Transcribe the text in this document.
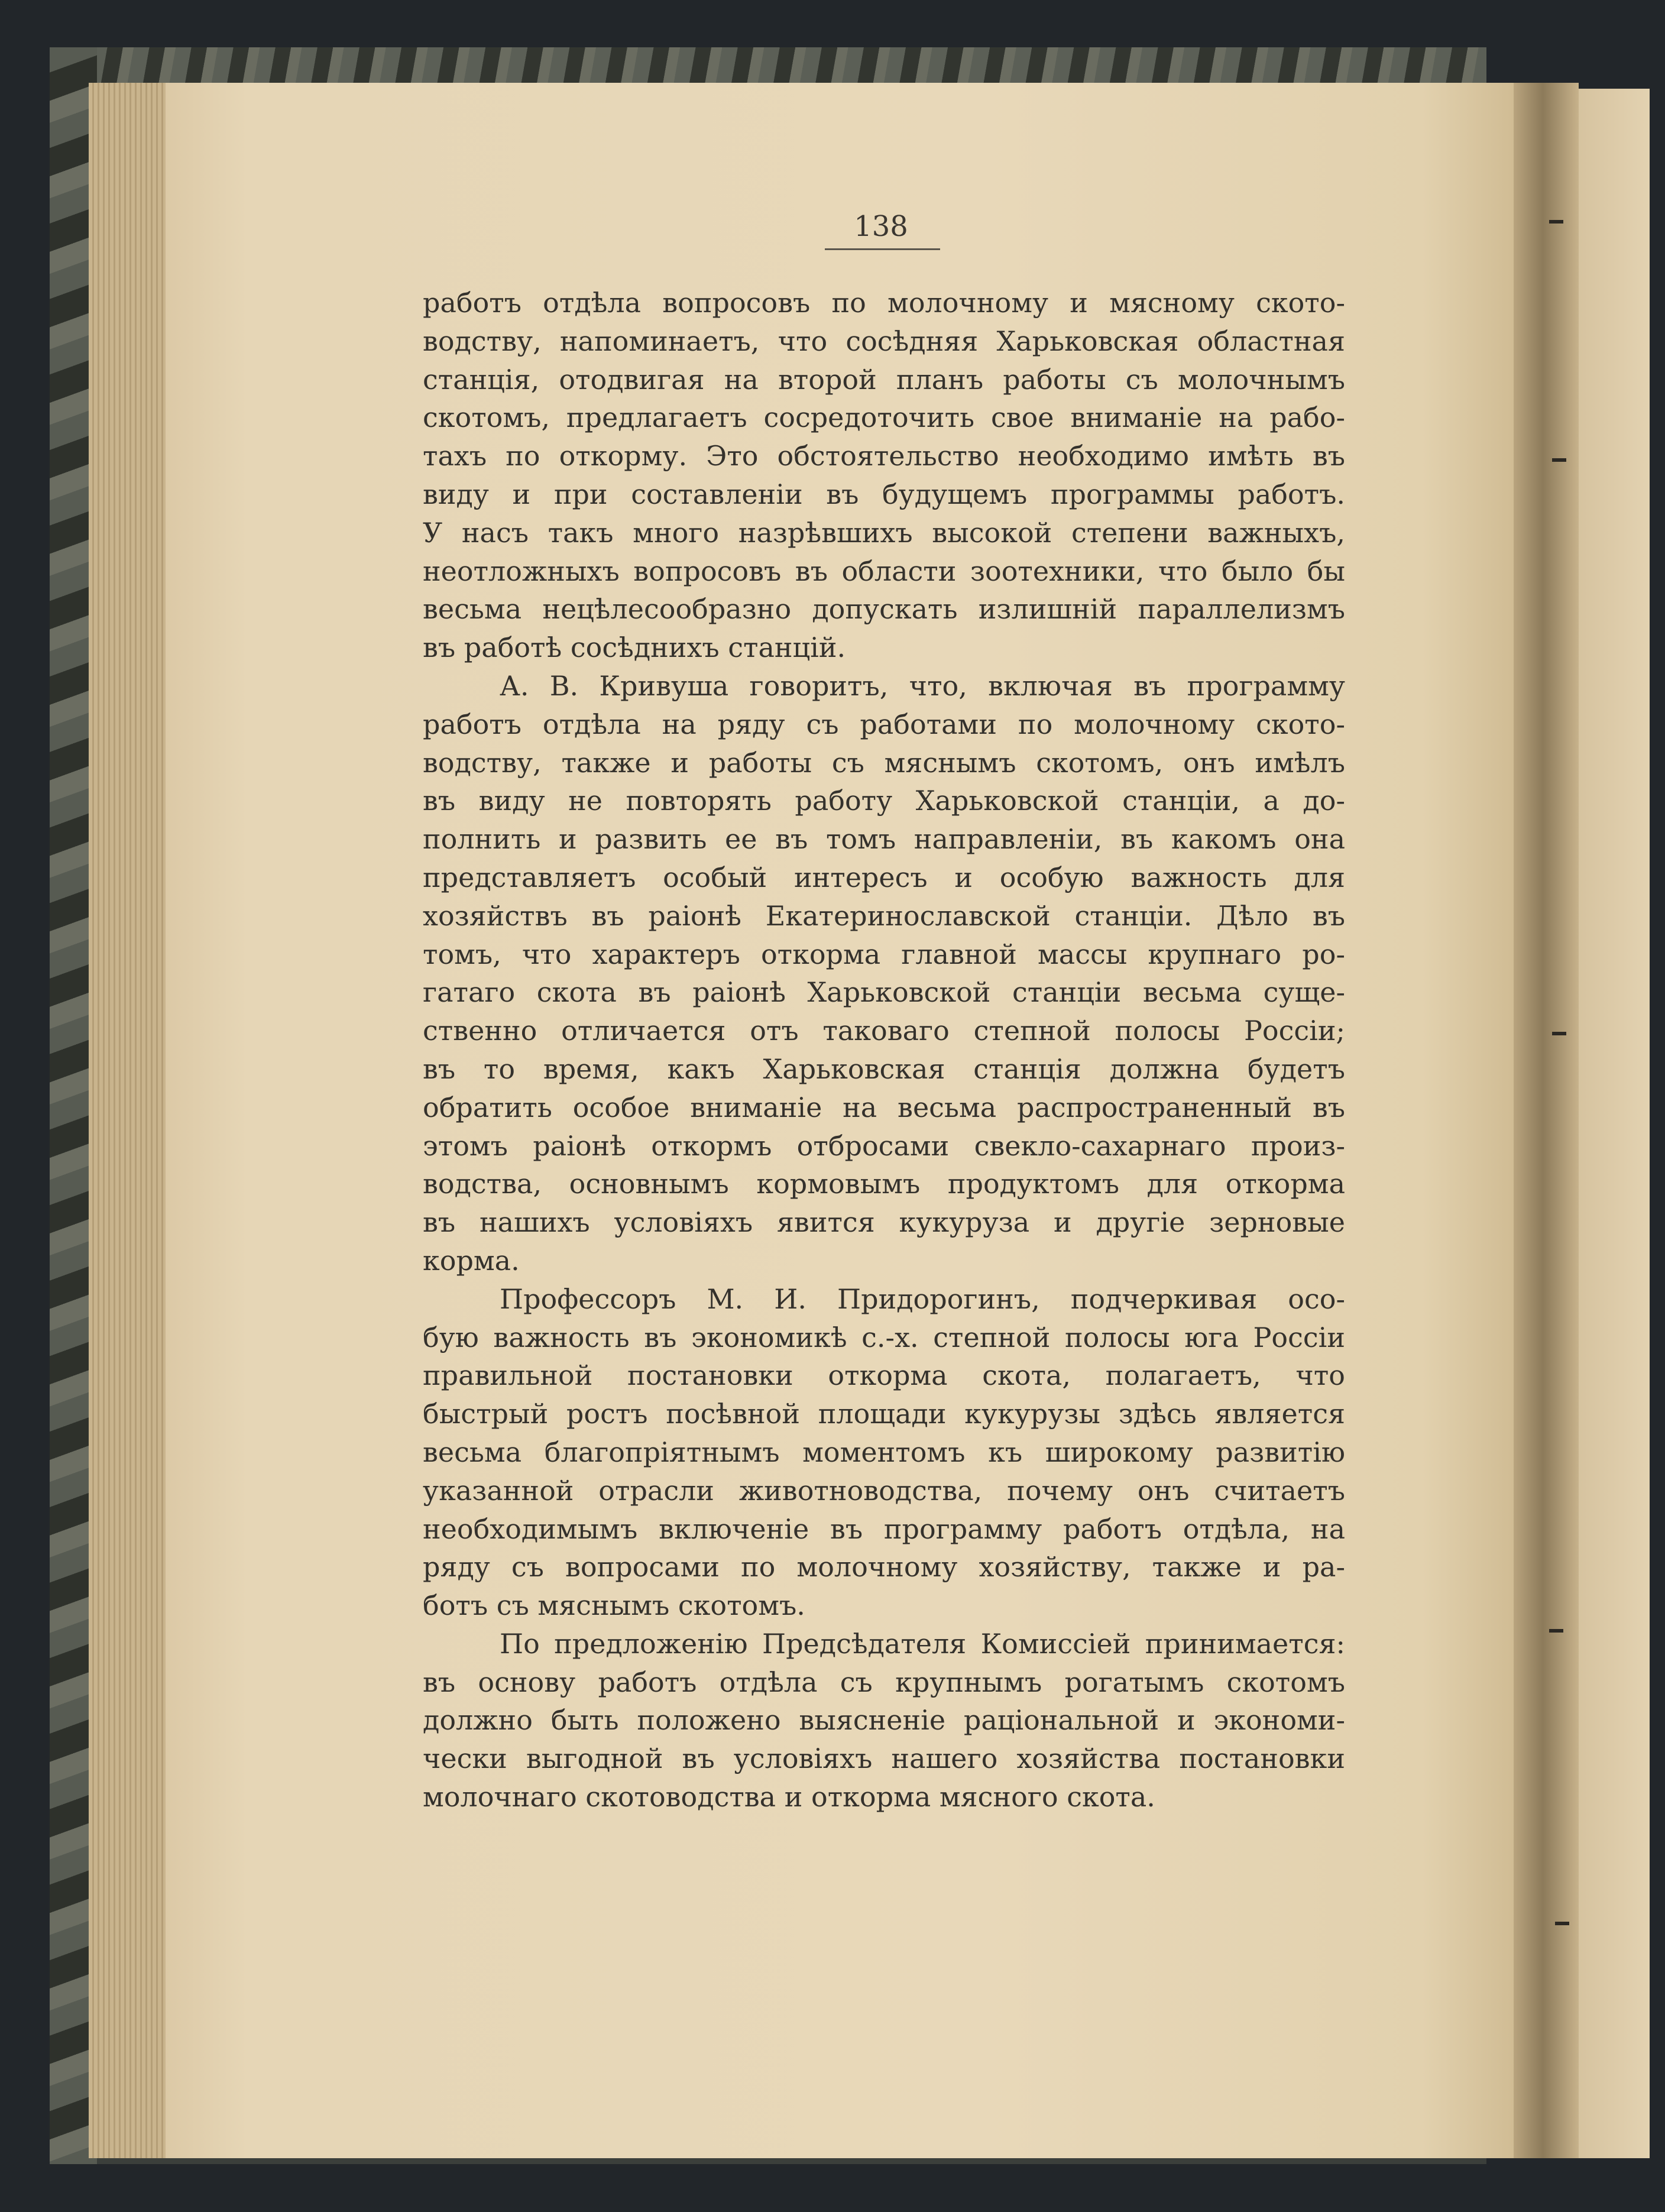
138
работъ отдѣла вопросовъ по молочному и мясному ското-
водству, напоминаетъ, что сосѣдняя Харьковская областная
станція, отодвигая на второй планъ работы съ молочнымъ
скотомъ, предлагаетъ сосредоточить свое вниманіе на рабо-
тахъ по откорму. Это обстоятельство необходимо имѣть въ
виду и при составленіи въ будущемъ программы работъ.
У насъ такъ много назрѣвшихъ высокой степени важныхъ,
неотложныхъ вопросовъ въ области зоотехники, что было бы
весьма нецѣлесообразно допускать излишній параллелизмъ
въ работѣ сосѣднихъ станцій.
А. В. Кривуша говоритъ, что, включая въ программу
работъ отдѣла на ряду съ работами по молочному ското-
водству, также и работы съ мяснымъ скотомъ, онъ имѣлъ
въ виду не повторять работу Харьковской станціи, а до-
полнить и развить ее въ томъ направленіи, въ какомъ она
представляетъ особый интересъ и особую важность для
хозяйствъ въ раіонѣ Екатеринославской станціи. Дѣло въ
томъ, что характеръ откорма главной массы крупнаго ро-
гатаго скота въ раіонѣ Харьковской станціи весьма суще-
ственно отличается отъ таковаго степной полосы Россіи;
въ то время, какъ Харьковская станція должна будетъ
обратить особое вниманіе на весьма распространенный въ
этомъ раіонѣ откормъ отбросами свекло-сахарнаго произ-
водства, основнымъ кормовымъ продуктомъ для откорма
въ нашихъ условіяхъ явится кукуруза и другіе зерновые
корма.
Профессоръ М. И. Придорогинъ, подчеркивая осо-
бую важность въ экономикѣ с.-х. степной полосы юга Россіи
правильной постановки откорма скота, полагаетъ, что
быстрый ростъ посѣвной площади кукурузы здѣсь является
весьма благопріятнымъ моментомъ къ широкому развитію
указанной отрасли животноводства, почему онъ считаетъ
необходимымъ включеніе въ программу работъ отдѣла, на
ряду съ вопросами по молочному хозяйству, также и ра-
ботъ съ мяснымъ скотомъ.
По предложенію Предсѣдателя Комиссіей принимается:
въ основу работъ отдѣла съ крупнымъ рогатымъ скотомъ
должно быть положено выясненіе раціональной и экономи-
чески выгодной въ условіяхъ нашего хозяйства постановки
молочнаго скотоводства и откорма мясного скота.
